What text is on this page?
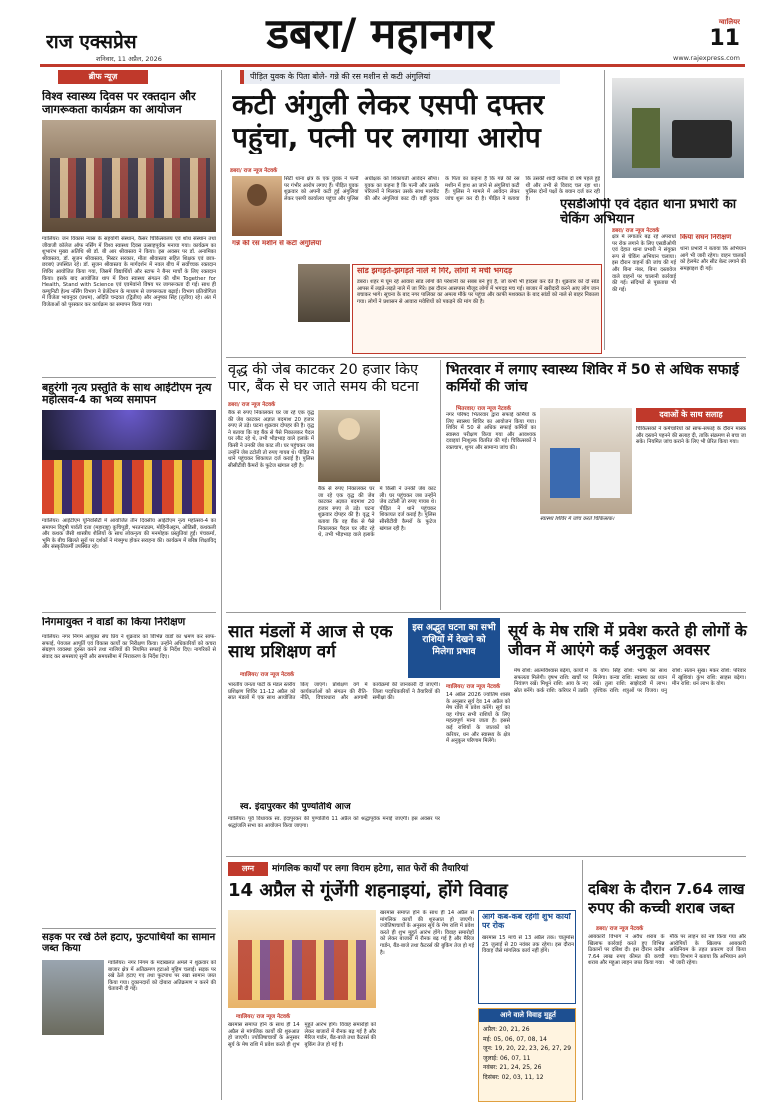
राज एक्सप्रेस
शनिवार, 11 अप्रैल, 2026
डबरा/ महानगर	ग्वालियर
11
www.rajexpress.com
ब्रीफ न्यूज़
विश्व स्वास्थ्य दिवस पर रक्तदान और जागरूकता कार्यक्रम का आयोजन
ग्वालियर। जन विकास न्यास के सहयोगी संस्थान, कैंसर चिकित्सालय एवं शोध संस्थान तथा जीवाजी कॉलेज ऑफ नर्सिंग में विश्व स्वास्थ्य दिवस उत्साहपूर्वक मनाया गया। कार्यक्रम का शुभारंभ मुख्य अतिथि श्री डॉ. बी आर श्रीवास्तव ने किया। इस अवसर पर डॉ. अनामिका श्रीवास्तव, डॉ. सुजन श्रीवास्तव, मिस्टर सरकार, मीता श्रीवास्तव सहित शिक्षक एवं छात्र-छात्राएं उपस्थित रहे। डॉ. सुजन श्रीवास्तव के मार्गदर्शन में नवल बीच में सर्वोच्चक रक्तदान शिविर आयोजित किया गया, जिसमें विद्यार्थियों और स्टाफ ने बैनर मार्चों के लिए रक्तदान किया। इसके बाद आयोजित थाप में विश्व स्वास्थ्य संगठन की थीम Together for Health, Stand with Science एवं एवमेवांनो विषय पर जागरूकता दी गई। साथ ही कम्युनिटी हेल्थ नर्सिंग विभाग ने प्रेजेंटेशन के माध्यम से जागरूकता बढ़ाई। विभाग प्रतियोगिता में विजेता भावनुदर (प्रथम), अदिति चन्द्रवत (द्वितीय) और अनुष्का सिंह (तृतीय) रहे। अंत में विजेताओं को पुरस्कार कर कार्यक्रम का समापन किया गया।
बहुरंगी नृत्य प्रस्तुति के साथ आईटीएम नृत्य महोत्सव-4 का भव्य समापन
ग्वालियर। आईटीएम यूनिवर्सिटी में आयोजित तीन दिवसीय आईटीएम नृत्य महोत्सव-4 का समापन विदुषी पार्वती दत्ता (महाराष्ट्र) कुचिपुड़ी, भरतनाट्यम, मोहिनीअट्टम, ओडिसी, कथकली और कथक जैसी शास्त्रीय शैलियों के साथ लोकनृत्य की मनमोहक प्रस्तुतियां हुईं। पंचकर्मा, भूमि के बीच खिलते सुरों पर दर्शकों ने मंत्रमुग्ध होकर सराहना की। कार्यक्रम में बरिष्ठ शिक्षाविद् और संस्कृतिकर्मी उपस्थित रहे।
निगमायुक्त ने वार्डों का किया निरीक्षण
ग्वालियर। नगर निगम आयुक्त संघ प्रिय ने शुक्रवार को विभिन्न वार्डों का भ्रमण कर साफ-सफाई, पेयजल आपूर्ति एवं विकास कार्यों का निरीक्षण किया। उन्होंने अधिकारियों को कचरा संग्रहण व्यवस्था दुरुस्त करने तथा नालियों की नियमित सफाई के निर्देश दिए। नागरिकों से संवाद कर समस्याएं सुनीं और समयसीमा में निराकरण के निर्देश दिए।
सड़क पर रखे ठेले हटाए, फुटपाथियों का सामान जब्त किया
ग्वालियर। नगर निगम के मदाखलत अमले ने शुक्रवार को बाजार क्षेत्र में अतिक्रमण हटाओ मुहिम चलाई। सड़क पर रखे ठेले हटाए गए तथा फुटपाथ पर रखा सामान जब्त किया गया। दुकानदारों को दोबारा अतिक्रमण न करने की चेतावनी दी गई।
पीड़ित युवक के पिता बोले- गन्ने की रस मशीन से कटी अंगुलियां
कटी अंगुली लेकर एसपी दफ्तर पहुंचा, पत्नी पर लगाया आरोप
डबरा/ राज न्यूज नेटवर्क
सिटी थाना क्षेत्र के एक युवक ने पत्नी पर गंभीर आरोप लगाए हैं। पीड़ित युवक शुक्रवार को अपनी कटी हुई अंगुलियां लेकर एसपी कार्यालय पहुंचा और पुलिस अधीक्षक को शिकायती आवेदन सौंपा। युवक का कहना है कि पत्नी और उसके परिजनों ने मिलकर उसके साथ मारपीट की और अंगुलियां काट दीं। वहीं युवक के पिता का कहना है कि गन्ने की रस मशीन में हाथ आ जाने से अंगुलियां कटी हैं। पुलिस ने मामले में आवेदन लेकर जांच शुरू कर दी है। पीड़ित ने बताया कि उसकी शादी करीब दो वर्ष पहले हुई थी और तभी से विवाद चल रहा था। पुलिस दोनों पक्षों के बयान दर्ज कर रही है।
गन्ने की रस मशीन से कटी अंगुलियां
सांड झगड़ते-झगड़ते नाले में गिरे, लोगों में मची भगदड़
डबरा। शहर में घूम रहे आवारा सांड लोगों की परेशानी का सबब बने हुए हैं, जो कभी भी हादसा कर देते हैं। शुक्रवार को दो सांड आपस में लड़ते-लड़ते नाले में जा गिरे। इस दौरान आसपास मौजूद लोगों में भगदड़ मच गई। बाजार में खरीदारी करने आए लोग जान बचाकर भागे। सूचना के बाद नगर पालिका का अमला मौके पर पहुंचा और काफी मशक्कत के बाद सांडों को नाले से बाहर निकाला गया। लोगों ने प्रशासन से आवारा मवेशियों को पकड़ने की मांग की है।
एसडीओपी एवं देहात थाना प्रभारी का चेकिंग अभियान
डबरा/ राज न्यूज नेटवर्क
क्षेत्र में लगातार बढ़ रहे अपराधों पर रोक लगाने के लिए एसडीओपी एवं देहात थाना प्रभारी ने संयुक्त रूप से चेकिंग अभियान चलाया। इस दौरान वाहनों की जांच की गई और बिना नंबर, बिना दस्तावेज वाले वाहनों पर चालानी कार्रवाई की गई। संदिग्धों से पूछताछ भी की गई।
किया सघन निरीक्षण
थाना प्रभारी ने बताया कि अभियान आगे भी जारी रहेगा। वाहन चालकों को हेलमेट और सीट बेल्ट लगाने की समझाइश दी गई।
वृद्ध की जेब काटकर 20 हजार किए पार, बैंक से घर जाते समय की घटना
डबरा/ राज न्यूज नेटवर्क
बैंक से रुपए निकालकर घर जा रहे एक वृद्ध की जेब काटकर अज्ञात बदमाश 20 हजार रुपए ले उड़े। घटना शुक्रवार दोपहर की है। वृद्ध ने बताया कि वह बैंक से पैसे निकालकर पैदल घर लौट रहे थे, तभी भीड़भाड़ वाले इलाके में किसी ने उनकी जेब काट ली। घर पहुंचकर जब उन्होंने जेब टटोली तो रुपए गायब थे। पीड़ित ने थाने पहुंचकर शिकायत दर्ज कराई है। पुलिस सीसीटीवी कैमरों के फुटेज खंगाल रही है।
बैंक से रुपए निकालकर घर जा रहे एक वृद्ध की जेब काटकर अज्ञात बदमाश 20 हजार रुपए ले उड़े। घटना शुक्रवार दोपहर की है। वृद्ध ने बताया कि वह बैंक से पैसे निकालकर पैदल घर लौट रहे थे, तभी भीड़भाड़ वाले इलाके में किसी ने उनकी जेब काट ली। घर पहुंचकर जब उन्होंने जेब टटोली तो रुपए गायब थे। पीड़ित ने थाने पहुंचकर शिकायत दर्ज कराई है। पुलिस सीसीटीवी कैमरों के फुटेज खंगाल रही है।
भितरवार में लगाए स्वास्थ्य शिविर में 50 से अधिक सफाई कर्मियों की जांच
भितरवार/ राज न्यूज नेटवर्क
नगर परिषद भितरवार द्वारा सफाई कर्मियों के लिए स्वास्थ्य शिविर का आयोजन किया गया। शिविर में 50 से अधिक सफाई कर्मियों का स्वास्थ्य परीक्षण किया गया और आवश्यक दवाइयां निःशुल्क वितरित की गईं। चिकित्सकों ने रक्तचाप, शुगर और सामान्य जांच की।
स्वास्थ्य शिविर में जांच करते चिकित्सक।
दवाओं के साथ सलाह
चिकित्सकों ने कर्मचारियों को साफ-सफाई के दौरान मास्क और दस्ताने पहनने की सलाह दी, ताकि संक्रमण से बचा जा सके। नियमित जांच कराने के लिए भी प्रेरित किया गया।
सात मंडलों में आज से एक साथ प्रशिक्षण वर्ग
इस अद्भुत घटना का सभी राशियों में देखने को मिलेगा प्रभाव
ग्वालियर/ राज न्यूज नेटवर्क
भारतीय जनता पार्टी के मंडल स्तरीय प्रशिक्षण शिविर 11-12 अप्रैल को सात मंडलों में एक साथ आयोजित किए जाएंगे। प्रशिक्षण वर्ग में कार्यकर्ताओं को संगठन की रीति-नीति, विचारधारा और आगामी कार्यक्रमों की जानकारी दी जाएगी। जिला पदाधिकारियों ने तैयारियों की समीक्षा की।
स्व. इंदापुरकर की पुण्यतिथि आज
ग्वालियर। पूर्व विधायक स्व. इंदापुरकर की पुण्यतिथि 11 अप्रैल को श्रद्धापूर्वक मनाई जाएगी। इस अवसर पर श्रद्धांजलि सभा का आयोजन किया जाएगा।
सूर्य के मेष राशि में प्रवेश करते ही लोगों के जीवन में आएंगे कई अनुकूल अवसर
ग्वालियर/ राज न्यूज नेटवर्क
14 अप्रैल 2026 ज्योतिष शास्त्र के अनुसार सूर्य देव 14 अप्रैल को मेष राशि में प्रवेश करेंगे। सूर्य का यह गोचर सभी राशियों के लिए महत्वपूर्ण माना जाता है। इससे कई राशियों के जातकों को करियर, धन और स्वास्थ्य के क्षेत्र में अनुकूल परिणाम मिलेंगे।
मेष राशि: आत्मविश्वास बढ़ेगा, कार्यों में सफलता मिलेगी। वृषभ राशि: खर्चों पर नियंत्रण रखें। मिथुन राशि: आय के नए स्रोत बनेंगे। कर्क राशि: करियर में उन्नति के योग। सिंह राशि: भाग्य का साथ मिलेगा। कन्या राशि: स्वास्थ्य का ध्यान रखें। तुला राशि: साझेदारी में लाभ। वृश्चिक राशि: शत्रुओं पर विजय। धनु राशि: संतान सुख। मकर राशि: परिवार में खुशियां। कुंभ राशि: साहस बढ़ेगा। मीन राशि: धन लाभ के योग।
लग्न	मांगलिक कार्यों पर लगा विराम हटेगा, सात फेरों की तैयारियां
14 अप्रैल से गूंजेंगी शहनाइयां, होंगे विवाह
ग्वालियर/ राज न्यूज नेटवर्क
खरमास समाप्त होने के साथ ही 14 अप्रैल से मांगलिक कार्यों की शुरुआत हो जाएगी। ज्योतिषाचार्यों के अनुसार सूर्य के मेष राशि में प्रवेश करते ही शुभ मुहूर्त आरंभ होंगे। विवाह समारोहों को लेकर बाजारों में रौनक बढ़ गई है और मैरिज गार्डन, बैंड-बाजे तथा कैटरर्स की बुकिंग तेज हो गई है।
खरमास समाप्त होने के साथ ही 14 अप्रैल से मांगलिक कार्यों की शुरुआत हो जाएगी। ज्योतिषाचार्यों के अनुसार सूर्य के मेष राशि में प्रवेश करते ही शुभ मुहूर्त आरंभ होंगे। विवाह समारोहों को लेकर बाजारों में रौनक बढ़ गई है और मैरिज गार्डन, बैंड-बाजे तथा कैटरर्स की बुकिंग तेज हो गई है।
आगे कब-कब रहेंगी शुभ कार्यों पर रोक
खरमास 15 मार्च से 13 अप्रैल तक। चातुर्मास 25 जुलाई से 20 नवंबर तक रहेगा। इस दौरान विवाह जैसे मांगलिक कार्य नहीं होंगे।
आने वाले विवाह मुहूर्त
अप्रैल: 20, 21, 26
मई: 05, 06, 07, 08, 14
जून: 19, 20, 22, 23, 26, 27, 29
जुलाई: 06, 07, 11
नवंबर: 21, 24, 25, 26
दिसंबर: 02, 03, 11, 12
दबिश के दौरान 7.64 लाख रुपए की कच्ची शराब जब्त
डबरा/ राज न्यूज नेटवर्क
आबकारी विभाग ने अवैध शराब के खिलाफ कार्रवाई करते हुए विभिन्न ठिकानों पर दबिश दी। इस दौरान करीब 7.64 लाख रुपए कीमत की कच्ची शराब और महुआ लाहन जब्त किया गया। मौके पर लाहन को नष्ट किया गया और आरोपियों के खिलाफ आबकारी अधिनियम के तहत प्रकरण दर्ज किया गया। विभाग ने बताया कि अभियान आगे भी जारी रहेगा।
